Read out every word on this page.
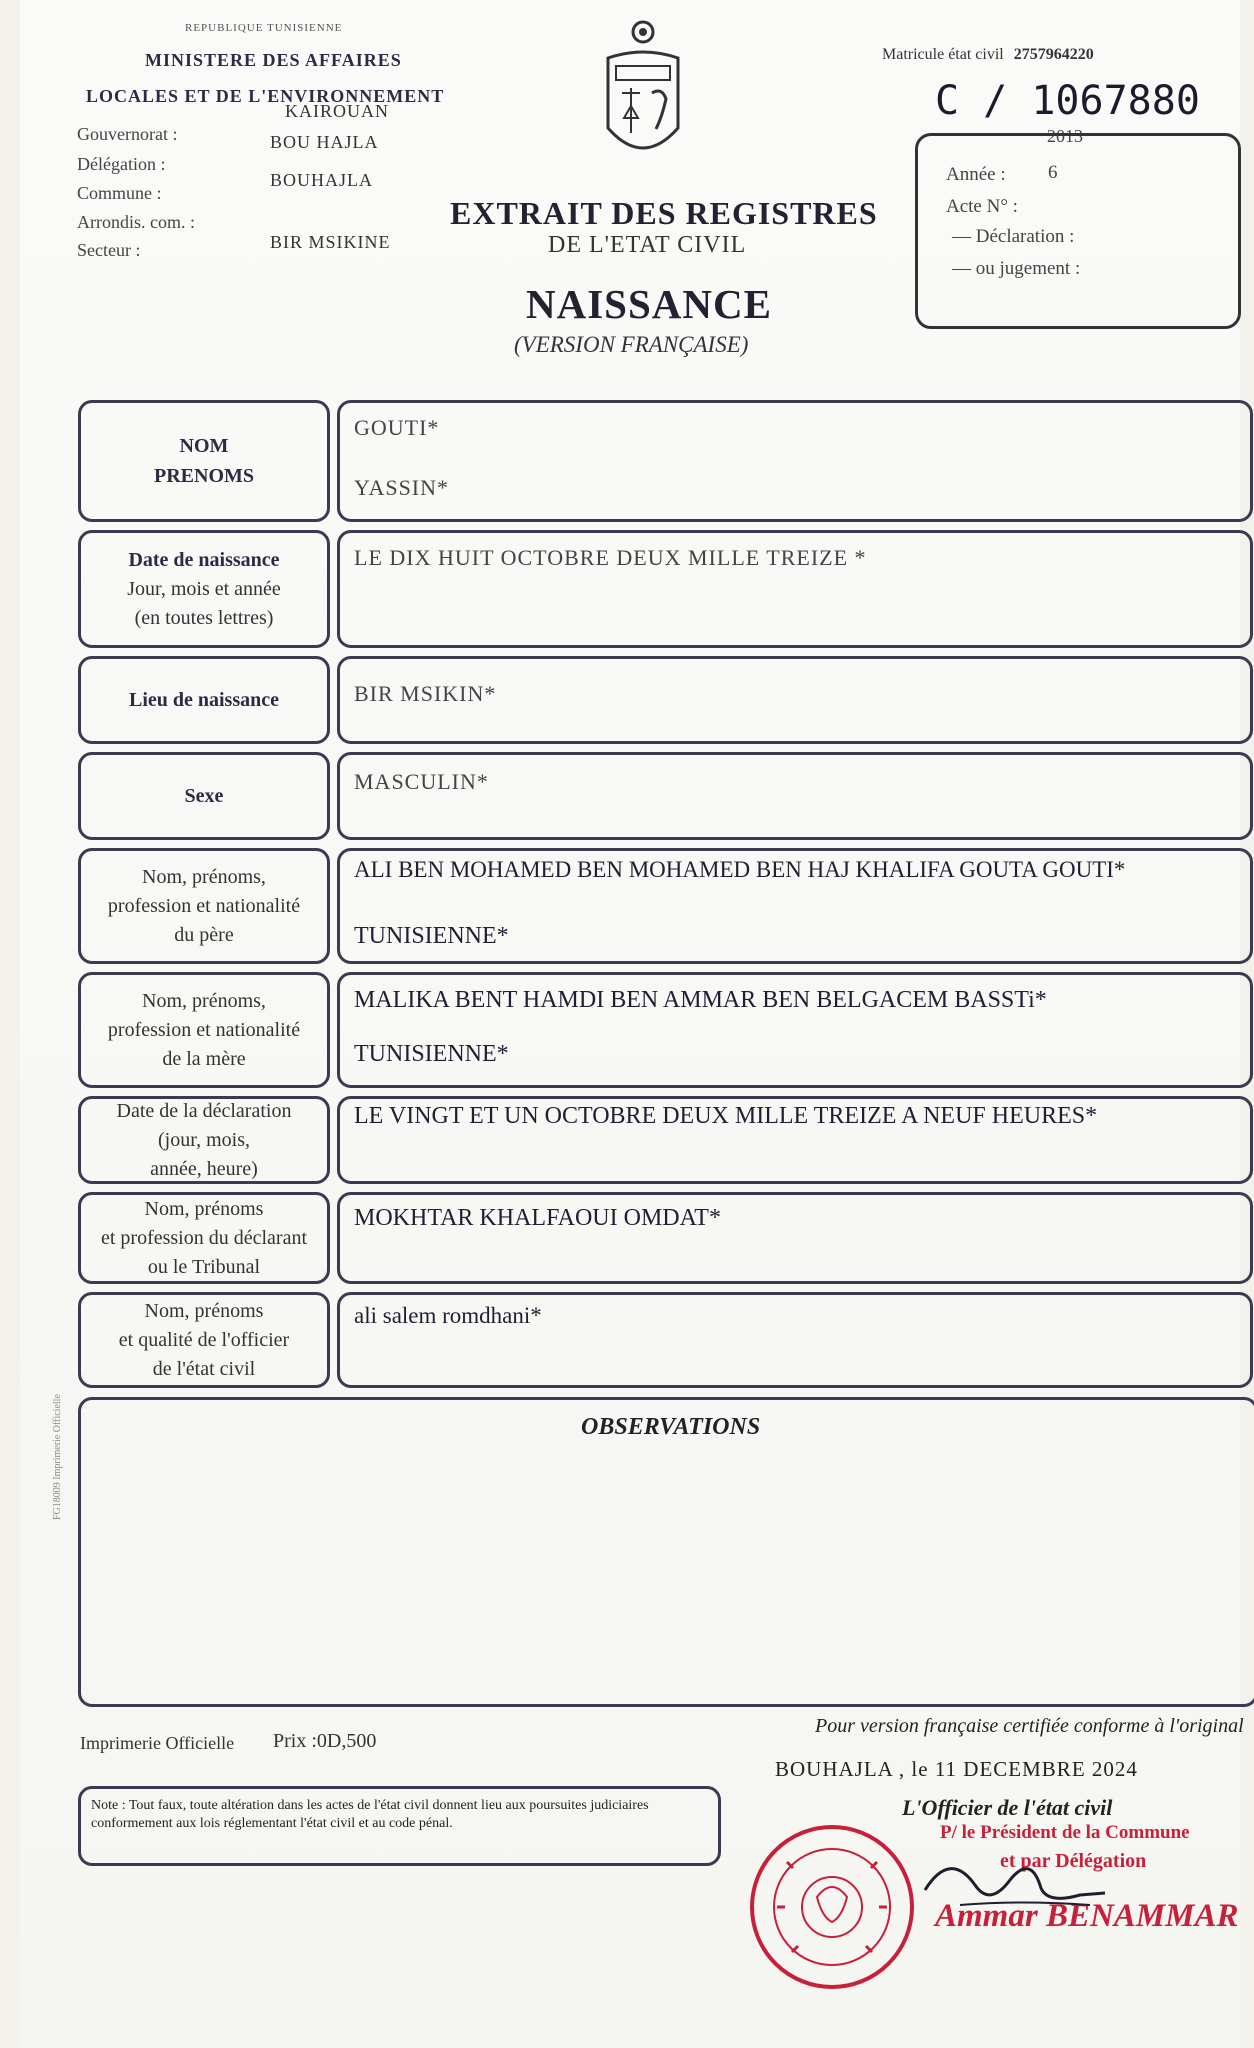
REPUBLIQUE TUNISIENNE
MINISTERE DES AFFAIRES
LOCALES ET DE L'ENVIRONNEMENT
KAIROUAN
Gouvernorat :
Délégation :
BOU HAJLA
Commune :
BOUHAJLA
Arrondis. com. :
Secteur :	BIR MSIKINE
EXTRAIT DES REGISTRES
DE L'ETAT CIVIL
NAISSANCE
(VERSION FRANÇAISE)
Matricule état civil 2757964220
C / 1067880
2013
Année : 6
Acte N° :
— Déclaration :
— ou jugement :
NOM
PRENOMS
GOUTI*
YASSIN*
Date de naissance
Jour, mois et année
(en toutes lettres)
LE DIX HUIT OCTOBRE DEUX MILLE TREIZE *
Lieu de naissance	BIR MSIKIN*
Sexe
MASCULIN*
Nom, prénoms,
profession et nationalité
du père
ALI BEN MOHAMED BEN MOHAMED BEN HAJ KHALIFA GOUTA GOUTI*
TUNISIENNE*
Nom, prénoms,
profession et nationalité
de la mère
MALIKA BENT HAMDI BEN AMMAR BEN BELGACEM BASSTi*
TUNISIENNE*
Date de la déclaration
(jour, mois,
année, heure)
LE VINGT ET UN OCTOBRE DEUX MILLE TREIZE A NEUF HEURES*
Nom, prénoms
et profession du déclarant
ou le Tribunal
MOKHTAR KHALFAOUI OMDAT*
Nom, prénoms
et qualité de l'officier
de l'état civil
ali salem romdhani*
OBSERVATIONS
FG18009 Imprimerie Officielle
Imprimerie Officielle Prix :0D,500
Note : Tout faux, toute altération dans les actes de l'état civil donnent lieu aux poursuites judiciaires conformement aux lois réglementant l'état civil et au code pénal.
Pour version française certifiée conforme à l'original
BOUHAJLA , le 11 DECEMBRE 2024
L'Officier de l'état civil
P/ le Président de la Commune
et par Délégation
Ammar BENAMMAR
